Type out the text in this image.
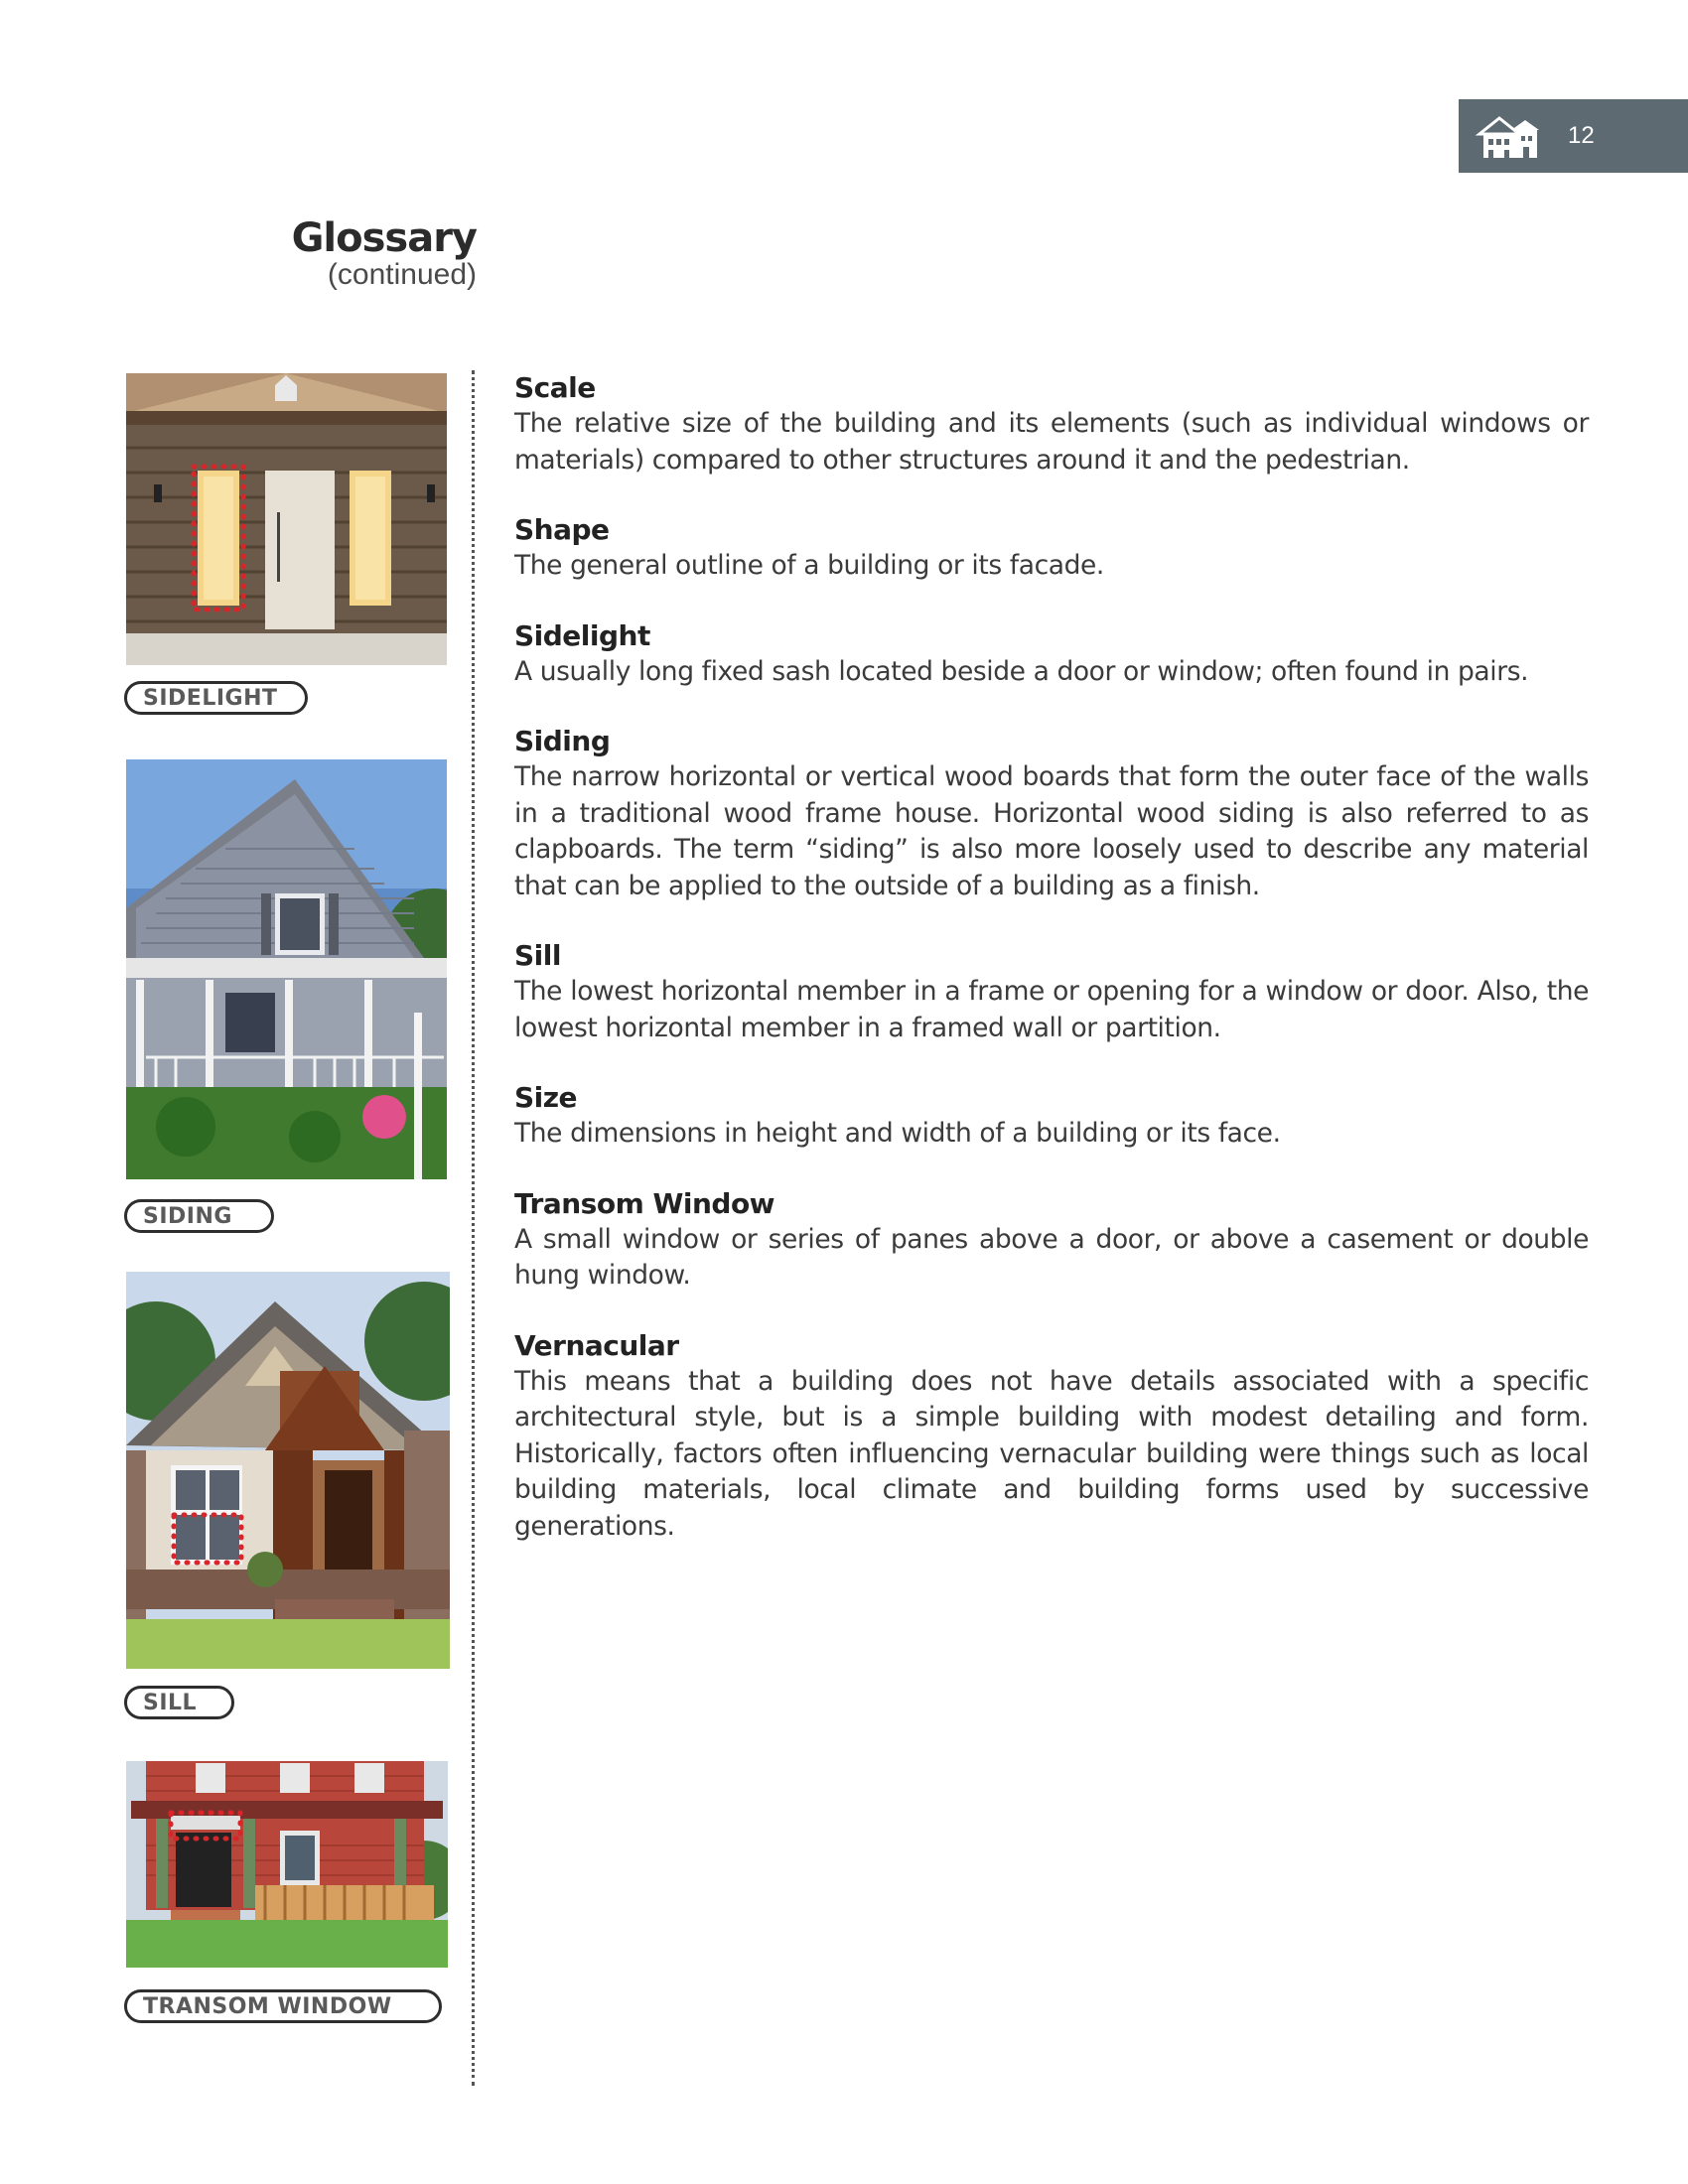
12
Glossary
(continued)
SIDELIGHT
SIDING
SILL
TRANSOM WINDOW
Scale
The relative size of the building and its elements (such as individual windows or materials) compared to other structures around it and the pedestrian.
Shape
The general outline of a building or its facade.
Sidelight
A usually long fixed sash located beside a door or window; often found in pairs.
Siding
The narrow horizontal or vertical wood boards that form the outer face of the walls in a traditional wood frame house. Horizontal wood siding is also referred to as clapboards. The term “siding” is also more loosely used to describe any material that can be applied to the outside of a building as a finish.
Sill
The lowest horizontal member in a frame or opening for a window or door. Also, the lowest horizontal member in a framed wall or partition.
Size
The dimensions in height and width of a building or its face.
Transom Window
A small window or series of panes above a door, or above a casement or double hung window.
Vernacular
This means that a building does not have details associated with a specific architectural style, but is a simple building with modest detailing and form. Historically, factors often influencing vernacular building were things such as local building materials, local climate and building forms used by successive generations.
